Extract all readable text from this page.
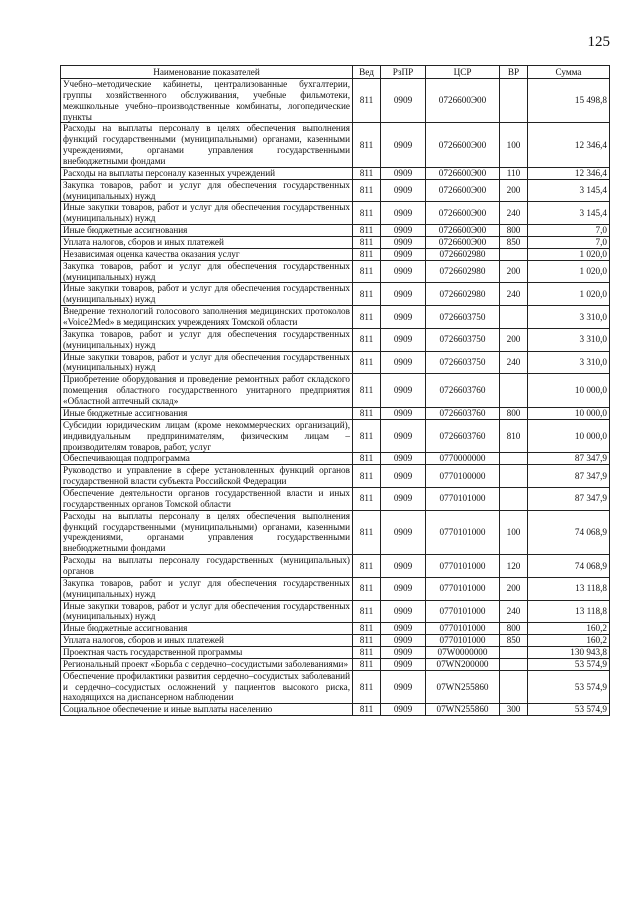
125
Наименование показателей	Вед	РзПР	ЦСР	ВР	Сумма
Учебно–методические кабинеты, централизованные бухгалтерии, группы хозяйственного обслуживания, учебные фильмотеки, межшкольные учебно–производственные комбинаты, логопедические пункты	811	0909	0726600Э00		15 498,8
Расходы на выплаты персоналу в целях обеспечения выполнения функций государственными (муниципальными) органами, казенными учреждениями, органами управления государственными внебюджетными фондами	811	0909	0726600Э00	100	12 346,4
Расходы на выплаты персоналу казенных учреждений	811	0909	0726600Э00	110	12 346,4
Закупка товаров, работ и услуг для обеспечения государственных (муниципальных) нужд	811	0909	0726600Э00	200	3 145,4
Иные закупки товаров, работ и услуг для обеспечения государственных (муниципальных) нужд	811	0909	0726600Э00	240	3 145,4
Иные бюджетные ассигнования	811	0909	0726600Э00	800	7,0
Уплата налогов, сборов и иных платежей	811	0909	0726600Э00	850	7,0
Независимая оценка качества оказания услуг	811	0909	0726602980		1 020,0
Закупка товаров, работ и услуг для обеспечения государственных (муниципальных) нужд	811	0909	0726602980	200	1 020,0
Иные закупки товаров, работ и услуг для обеспечения государственных (муниципальных) нужд	811	0909	0726602980	240	1 020,0
Внедрение технологий голосового заполнения медицинских протоколов «Voice2Med» в медицинских учреждениях Томской области	811	0909	0726603750		3 310,0
Закупка товаров, работ и услуг для обеспечения государственных (муниципальных) нужд	811	0909	0726603750	200	3 310,0
Иные закупки товаров, работ и услуг для обеспечения государственных (муниципальных) нужд	811	0909	0726603750	240	3 310,0
Приобретение оборудования и проведение ремонтных работ складского помещения областного государственного унитарного предприятия «Областной аптечный склад»	811	0909	0726603760		10 000,0
Иные бюджетные ассигнования	811	0909	0726603760	800	10 000,0
Субсидии юридическим лицам (кроме некоммерческих организаций), индивидуальным предпринимателям, физическим лицам – производителям товаров, работ, услуг	811	0909	0726603760	810	10 000,0
Обеспечивающая подпрограмма	811	0909	0770000000		87 347,9
Руководство и управление в сфере установленных функций органов государственной власти субъекта Российской Федерации	811	0909	0770100000		87 347,9
Обеспечение деятельности органов государственной власти и иных государственных органов Томской области	811	0909	0770101000		87 347,9
Расходы на выплаты персоналу в целях обеспечения выполнения функций государственными (муниципальными) органами, казенными учреждениями, органами управления государственными внебюджетными фондами	811	0909	0770101000	100	74 068,9
Расходы на выплаты персоналу государственных (муниципальных) органов	811	0909	0770101000	120	74 068,9
Закупка товаров, работ и услуг для обеспечения государственных (муниципальных) нужд	811	0909	0770101000	200	13 118,8
Иные закупки товаров, работ и услуг для обеспечения государственных (муниципальных) нужд	811	0909	0770101000	240	13 118,8
Иные бюджетные ассигнования	811	0909	0770101000	800	160,2
Уплата налогов, сборов и иных платежей	811	0909	0770101000	850	160,2
Проектная часть государственной программы	811	0909	07W0000000		130 943,8
Региональный проект «Борьба с сердечно–сосудистыми заболеваниями»	811	0909	07WN200000		53 574,9
Обеспечение профилактики развития сердечно–сосудистых заболеваний и сердечно–сосудистых осложнений у пациентов высокого риска, находящихся на диспансерном наблюдении	811	0909	07WN255860		53 574,9
Социальное обеспечение и иные выплаты населению	811	0909	07WN255860	300	53 574,9
